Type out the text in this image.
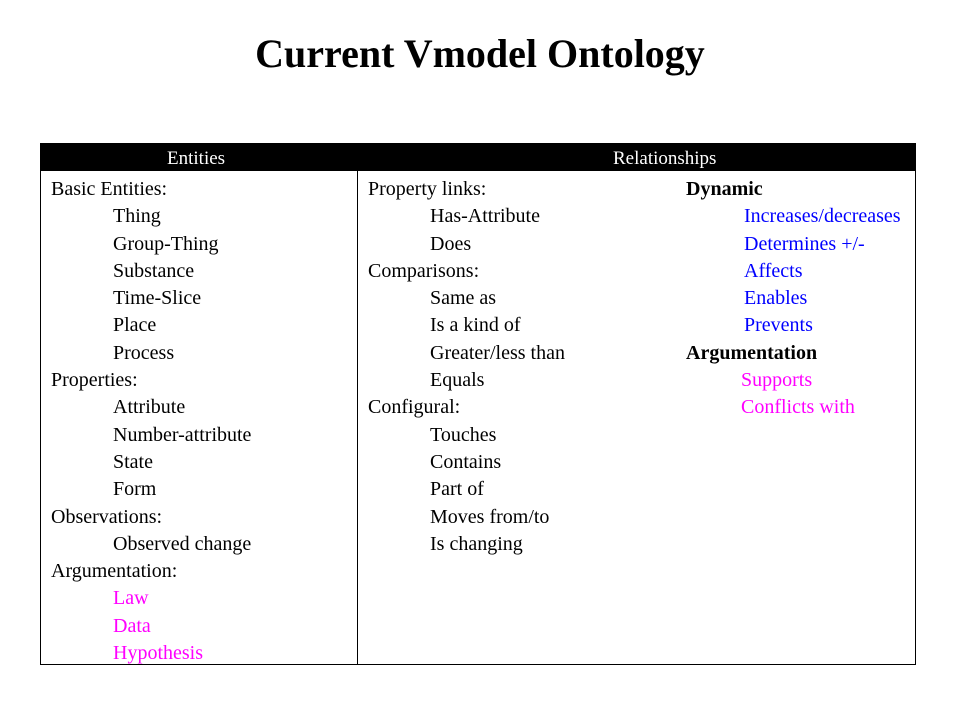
Current Vmodel Ontology
Entities	Relationships
Basic Entities:
Thing
Group-Thing
Substance
Time-Slice
Place
Process
Properties:
Attribute
Number-attribute
State
Form
Observations:
Observed change
Argumentation:
Law
Data
Hypothesis
Property links:
Has-Attribute
Does
Comparisons:
Same as
Is a kind of
Greater/less than
Equals
Configural:
Touches
Contains
Part of
Moves from/to
Is changing
Dynamic
Increases/decreases
Determines +/-
Affects
Enables
Prevents
Argumentation
Supports
Conflicts with
